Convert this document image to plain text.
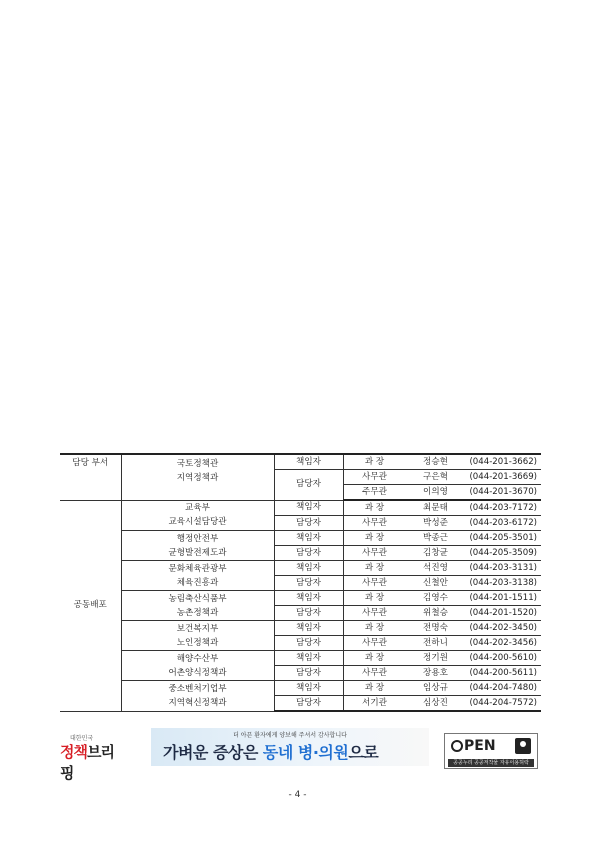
담당 부서	국토정책관
지역정책과	책임자	과 장 정승현 (044-201-3662)

		담당자	사무관 구은혁 (044-201-3669)

			주무관 이의영 (044-201-3670)

공동배포	교육부
교육시설담당관	책임자	과 장 최문태 (044-203-7172)

		담당자	사무관 박성준 (044-203-6172)

	행정안전부
균형발전제도과	책임자	과 장 박종근 (044-205-3501)

		담당자	사무관 김창균 (044-205-3509)

	문화체육관광부
체육진흥과	책임자	과 장 석진영 (044-203-3131)

		담당자	사무관 신철안 (044-203-3138)

	농림축산식품부
농촌정책과	책임자	과 장 김영수 (044-201-1511)

		담당자	사무관 위철승 (044-201-1520)

	보건복지부
노인정책과	책임자	과 장 전명숙 (044-202-3450)

		담당자	사무관 전하니 (044-202-3456)

	해양수산부
어촌양식정책과	책임자	과 장 정기원 (044-200-5610)

		담당자	사무관 장용호 (044-200-5611)

	중소벤처기업부
지역혁신정책과	책임자	과 장 임상규 (044-204-7480)

		담당자	서기관 심상진 (044-204-7572)
대한민국
정책브리핑
더 아픈 환자에게 양보해 주셔서 감사합니다
가벼운 증상은 동네 병·의원으로	PEN
공공누리 공공저작물 자유이용허락
- 4 -
